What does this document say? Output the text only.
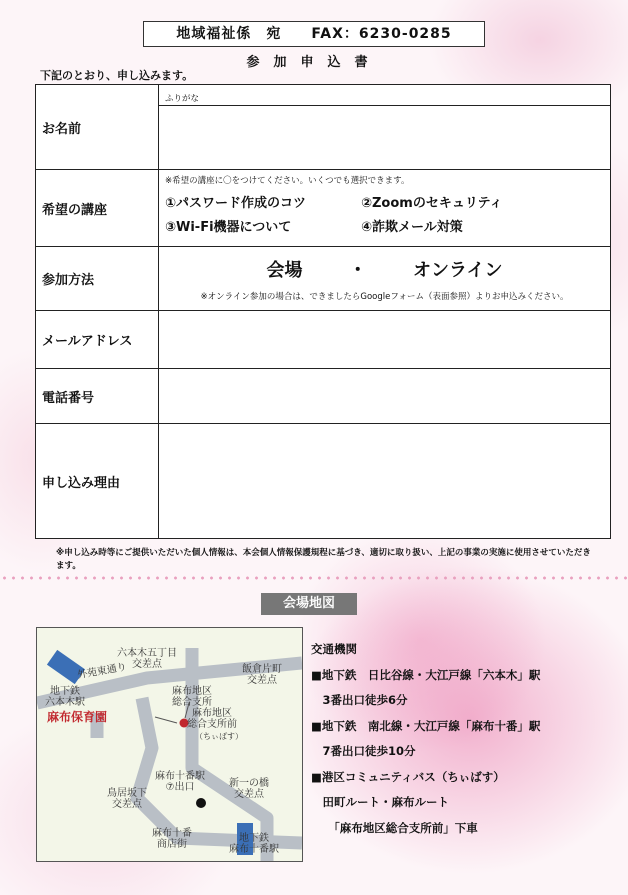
地域福祉係　宛　　FAX：6230-0285
参加申込書
下記のとおり、申し込みます。
お名前	ふりがな

希望の講座	※希望の講座に〇をつけてください。いくつでも選択できます。
①パスワード作成のコツ ②Zoomのセキュリティ
③Wi-Fi機器について ④詐欺メール対策

参加方法	会場 ・ オンライン
※オンライン参加の場合は、できましたらGoogleフォーム（表面参照）よりお申込みください。

メールアドレス	
電話番号	
申し込み理由	
※申し込み時等にご提供いただいた個人情報は、本会個人情報保護規程に基づき、適切に取り扱い、上記の事業の実施に使用させていただきます。
会場地図
六本木五丁目
交差点
外苑東通り	飯倉片町
交差点
地下鉄
六本木駅
麻布保育園
麻布地区
総合支所
麻布地区
総合支所前
（ちぃばす）
麻布十番駅
⑦出口	新一の橋
交差点
鳥居坂下
交差点
麻布十番
商店街
地下鉄
麻布十番駅
交通機関
■地下鉄　日比谷線・大江戸線「六本木」駅
　3番出口徒歩6分
■地下鉄　南北線・大江戸線「麻布十番」駅
　7番出口徒歩10分
■港区コミュニティバス（ちぃばす）
　田町ルート・麻布ルート
　　「麻布地区総合支所前」下車
